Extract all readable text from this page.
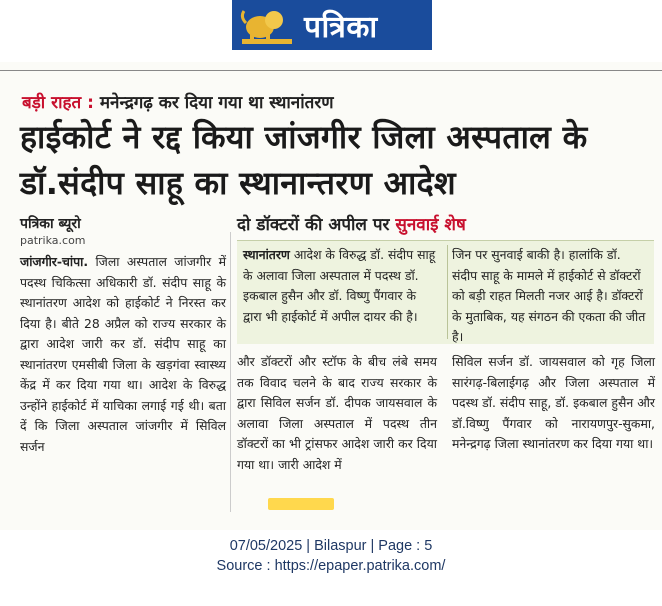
पत्रिका
बड़ी राहत : मनेन्द्रगढ़ कर दिया गया था स्थानांतरण
हाईकोर्ट ने रद्द किया जांजगीर जिला अस्पताल के डॉ.संदीप साहू का स्थानान्तरण आदेश
पत्रिका ब्यूरो
patrika.com
जांजगीर-चांपा. जिला अस्पताल जांजगीर में पदस्थ चिकित्सा अधिकारी डॉ. संदीप साहू के स्थानांतरण आदेश को हाईकोर्ट ने निरस्त कर दिया है। बीते 28 अप्रैल को राज्य सरकार के द्वारा आदेश जारी कर डॉ. संदीप साहू का स्थानांतरण एमसीबी जिला के खड़गंवा स्वास्थ्य केंद्र में कर दिया गया था। आदेश के विरुद्ध उन्होंने हाईकोर्ट में याचिका लगाई गई थी। बता दें कि जिला अस्पताल जांजगीर में सिविल सर्जन
दो डॉक्टरों की अपील पर सुनवाई शेष
स्थानांतरण आदेश के विरुद्ध डॉ. संदीप साहू के अलावा जिला अस्पताल में पदस्थ डॉ. इकबाल हुसैन और डॉ. विष्णु पैंगवार के द्वारा भी हाईकोर्ट में अपील दायर की है।
जिन पर सुनवाई बाकी है। हालांकि डॉ. संदीप साहू के मामले में हाईकोर्ट से डॉक्टरों को बड़ी राहत मिलती नजर आई है। डॉक्टरों के मुताबिक, यह संगठन की एकता की जीत है।
और डॉक्टरों और स्टॉफ के बीच लंबे समय तक विवाद चलने के बाद राज्य सरकार के द्वारा सिविल सर्जन डॉ. दीपक जायसवाल के अलावा जिला अस्पताल में पदस्थ तीन डॉक्टरों का भी ट्रांसफर आदेश जारी कर दिया गया था। जारी आदेश में
सिविल सर्जन डॉ. जायसवाल को गृह जिला सारंगढ़-बिलाईगढ़ और जिला अस्पताल में पदस्थ डॉ. संदीप साहू, डॉ. इकबाल हुसैन और डॉ.विष्णु पैंगवार को नारायणपुर-सुकमा, मनेन्द्रगढ़ जिला स्थानांतरण कर दिया गया था।
07/05/2025 | Bilaspur | Page : 5
Source : https://epaper.patrika.com/
